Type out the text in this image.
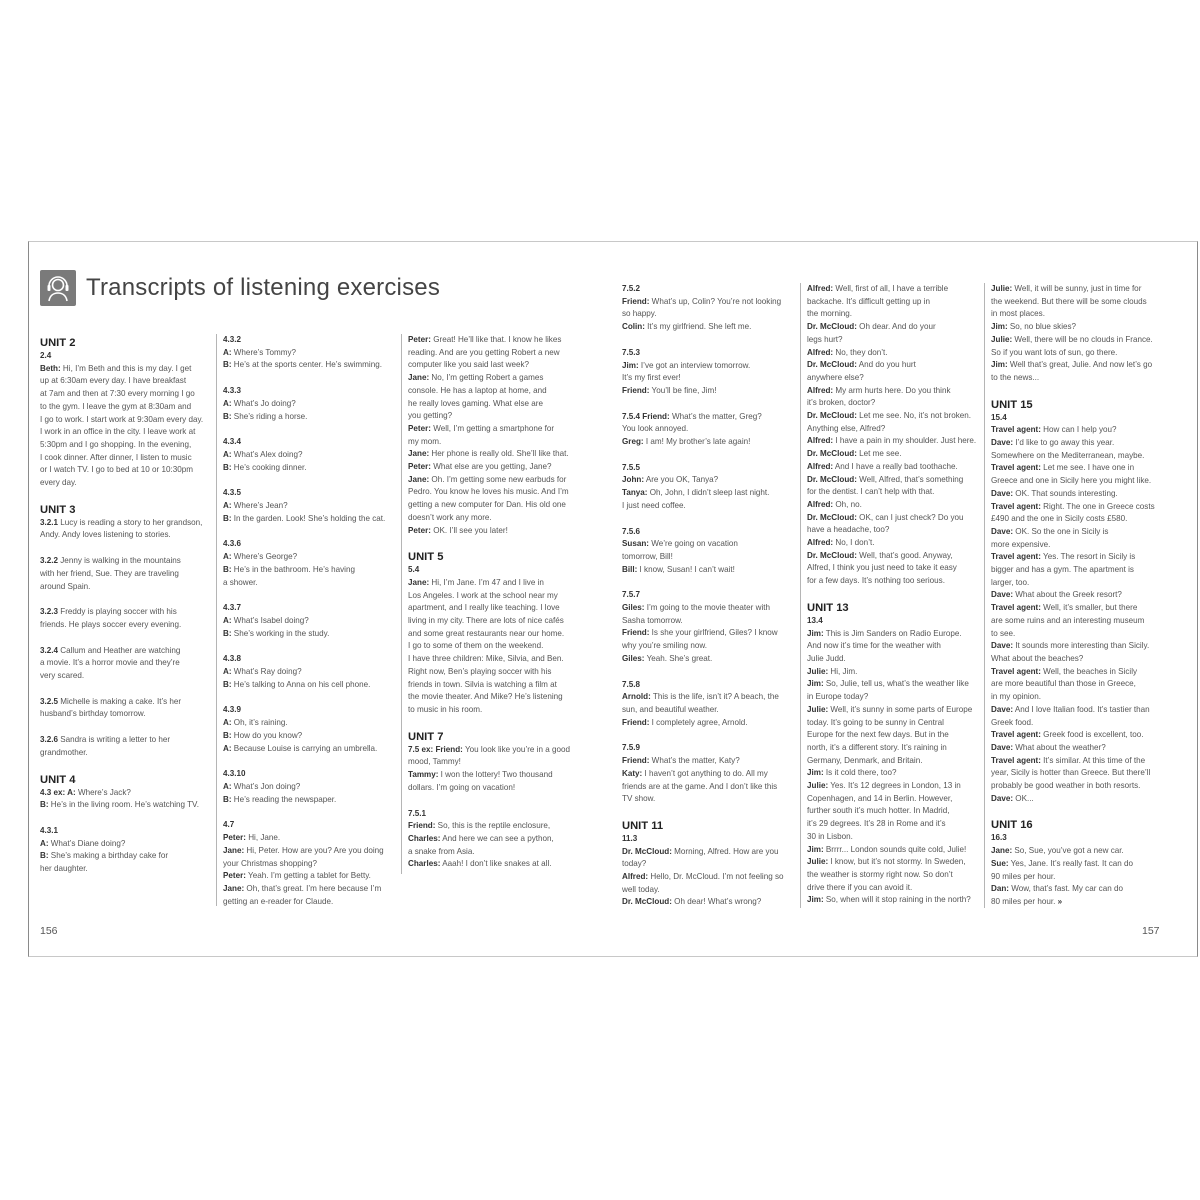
Transcripts of listening exercises
UNIT 2
2.4
Beth: Hi, I’m Beth and this is my day. I get
up at 6:30am every day. I have breakfast
at 7am and then at 7:30 every morning I go
to the gym. I leave the gym at 8:30am and
I go to work. I start work at 9:30am every day.
I work in an office in the city. I leave work at
5:30pm and I go shopping. In the evening,
I cook dinner. After dinner, I listen to music
or I watch TV. I go to bed at 10 or 10:30pm
every day.
UNIT 3
3.2.1 Lucy is reading a story to her grandson,
Andy. Andy loves listening to stories.
3.2.2 Jenny is walking in the mountains
with her friend, Sue. They are traveling
around Spain.
3.2.3 Freddy is playing soccer with his
friends. He plays soccer every evening.
3.2.4 Callum and Heather are watching
a movie. It’s a horror movie and they’re
very scared.
3.2.5 Michelle is making a cake. It’s her
husband’s birthday tomorrow.
3.2.6 Sandra is writing a letter to her
grandmother.
UNIT 4
4.3 ex: A: Where’s Jack?
B: He’s in the living room. He’s watching TV.
4.3.1
A: What’s Diane doing?
B: She’s making a birthday cake for
her daughter.
4.3.2
A: Where’s Tommy?
B: He’s at the sports center. He’s swimming.
4.3.3
A: What’s Jo doing?
B: She’s riding a horse.
4.3.4
A: What’s Alex doing?
B: He’s cooking dinner.
4.3.5
A: Where’s Jean?
B: In the garden. Look! She’s holding the cat.
4.3.6
A: Where’s George?
B: He’s in the bathroom. He’s having
a shower.
4.3.7
A: What’s Isabel doing?
B: She’s working in the study.
4.3.8
A: What’s Ray doing?
B: He’s talking to Anna on his cell phone.
4.3.9
A: Oh, it’s raining.
B: How do you know?
A: Because Louise is carrying an umbrella.
4.3.10
A: What’s Jon doing?
B: He’s reading the newspaper.
4.7
Peter: Hi, Jane.
Jane: Hi, Peter. How are you? Are you doing
your Christmas shopping?
Peter: Yeah. I’m getting a tablet for Betty.
Jane: Oh, that’s great. I’m here because I’m
getting an e-reader for Claude.
Peter: Great! He’ll like that. I know he likes
reading. And are you getting Robert a new
computer like you said last week?
Jane: No, I’m getting Robert a games
console. He has a laptop at home, and
he really loves gaming. What else are
you getting?
Peter: Well, I’m getting a smartphone for
my mom.
Jane: Her phone is really old. She’ll like that.
Peter: What else are you getting, Jane?
Jane: Oh. I’m getting some new earbuds for
Pedro. You know he loves his music. And I’m
getting a new computer for Dan. His old one
doesn’t work any more.
Peter: OK. I’ll see you later!
UNIT 5
5.4
Jane: Hi, I’m Jane. I’m 47 and I live in
Los Angeles. I work at the school near my
apartment, and I really like teaching. I love
living in my city. There are lots of nice cafés
and some great restaurants near our home.
I go to some of them on the weekend.
I have three children: Mike, Silvia, and Ben.
Right now, Ben’s playing soccer with his
friends in town. Silvia is watching a film at
the movie theater. And Mike? He’s listening
to music in his room.
UNIT 7
7.5 ex: Friend: You look like you’re in a good
mood, Tammy!
Tammy: I won the lottery! Two thousand
dollars. I’m going on vacation!
7.5.1
Friend: So, this is the reptile enclosure,
Charles: And here we can see a python,
a snake from Asia.
Charles: Aaah! I don’t like snakes at all.
7.5.2
Friend: What’s up, Colin? You’re not looking
so happy.
Colin: It’s my girlfriend. She left me.
7.5.3
Jim: I’ve got an interview tomorrow.
It’s my first ever!
Friend: You’ll be fine, Jim!
7.5.4 Friend: What’s the matter, Greg?
You look annoyed.
Greg: I am! My brother’s late again!
7.5.5
John: Are you OK, Tanya?
Tanya: Oh, John, I didn’t sleep last night.
I just need coffee.
7.5.6
Susan: We’re going on vacation
tomorrow, Bill!
Bill: I know, Susan! I can’t wait!
7.5.7
Giles: I’m going to the movie theater with
Sasha tomorrow.
Friend: Is she your girlfriend, Giles? I know
why you’re smiling now.
Giles: Yeah. She’s great.
7.5.8
Arnold: This is the life, isn’t it? A beach, the
sun, and beautiful weather.
Friend: I completely agree, Arnold.
7.5.9
Friend: What’s the matter, Katy?
Katy: I haven’t got anything to do. All my
friends are at the game. And I don’t like this
TV show.
UNIT 11
11.3
Dr. McCloud: Morning, Alfred. How are you
today?
Alfred: Hello, Dr. McCloud. I’m not feeling so
well today.
Dr. McCloud: Oh dear! What’s wrong?
Alfred: Well, first of all, I have a terrible
backache. It’s difficult getting up in
the morning.
Dr. McCloud: Oh dear. And do your
legs hurt?
Alfred: No, they don’t.
Dr. McCloud: And do you hurt
anywhere else?
Alfred: My arm hurts here. Do you think
it’s broken, doctor?
Dr. McCloud: Let me see. No, it’s not broken.
Anything else, Alfred?
Alfred: I have a pain in my shoulder. Just here.
Dr. McCloud: Let me see.
Alfred: And I have a really bad toothache.
Dr. McCloud: Well, Alfred, that’s something
for the dentist. I can’t help with that.
Alfred: Oh, no.
Dr. McCloud: OK, can I just check? Do you
have a headache, too?
Alfred: No, I don’t.
Dr. McCloud: Well, that’s good. Anyway,
Alfred, I think you just need to take it easy
for a few days. It’s nothing too serious.
UNIT 13
13.4
Jim: This is Jim Sanders on Radio Europe.
And now it’s time for the weather with
Julie Judd.
Julie: Hi, Jim.
Jim: So, Julie, tell us, what’s the weather like
in Europe today?
Julie: Well, it’s sunny in some parts of Europe
today. It’s going to be sunny in Central
Europe for the next few days. But in the
north, it’s a different story. It’s raining in
Germany, Denmark, and Britain.
Jim: Is it cold there, too?
Julie: Yes. It’s 12 degrees in London, 13 in
Copenhagen, and 14 in Berlin. However,
further south it’s much hotter. In Madrid,
it’s 29 degrees. It’s 28 in Rome and it’s
30 in Lisbon.
Jim: Brrrr... London sounds quite cold, Julie!
Julie: I know, but it’s not stormy. In Sweden,
the weather is stormy right now. So don’t
drive there if you can avoid it.
Jim: So, when will it stop raining in the north?
Julie: Well, it will be sunny, just in time for
the weekend. But there will be some clouds
in most places.
Jim: So, no blue skies?
Julie: Well, there will be no clouds in France.
So if you want lots of sun, go there.
Jim: Well that’s great, Julie. And now let’s go
to the news...
UNIT 15
15.4
Travel agent: How can I help you?
Dave: I’d like to go away this year.
Somewhere on the Mediterranean, maybe.
Travel agent: Let me see. I have one in
Greece and one in Sicily here you might like.
Dave: OK. That sounds interesting.
Travel agent: Right. The one in Greece costs
£490 and the one in Sicily costs £580.
Dave: OK. So the one in Sicily is
more expensive.
Travel agent: Yes. The resort in Sicily is
bigger and has a gym. The apartment is
larger, too.
Dave: What about the Greek resort?
Travel agent: Well, it’s smaller, but there
are some ruins and an interesting museum
to see.
Dave: It sounds more interesting than Sicily.
What about the beaches?
Travel agent: Well, the beaches in Sicily
are more beautiful than those in Greece,
in my opinion.
Dave: And I love Italian food. It’s tastier than
Greek food.
Travel agent: Greek food is excellent, too.
Dave: What about the weather?
Travel agent: It’s similar. At this time of the
year, Sicily is hotter than Greece. But there’ll
probably be good weather in both resorts.
Dave: OK...
UNIT 16
16.3
Jane: So, Sue, you’ve got a new car.
Sue: Yes, Jane. It’s really fast. It can do
90 miles per hour.
Dan: Wow, that’s fast. My car can do
80 miles per hour. »
156	157
